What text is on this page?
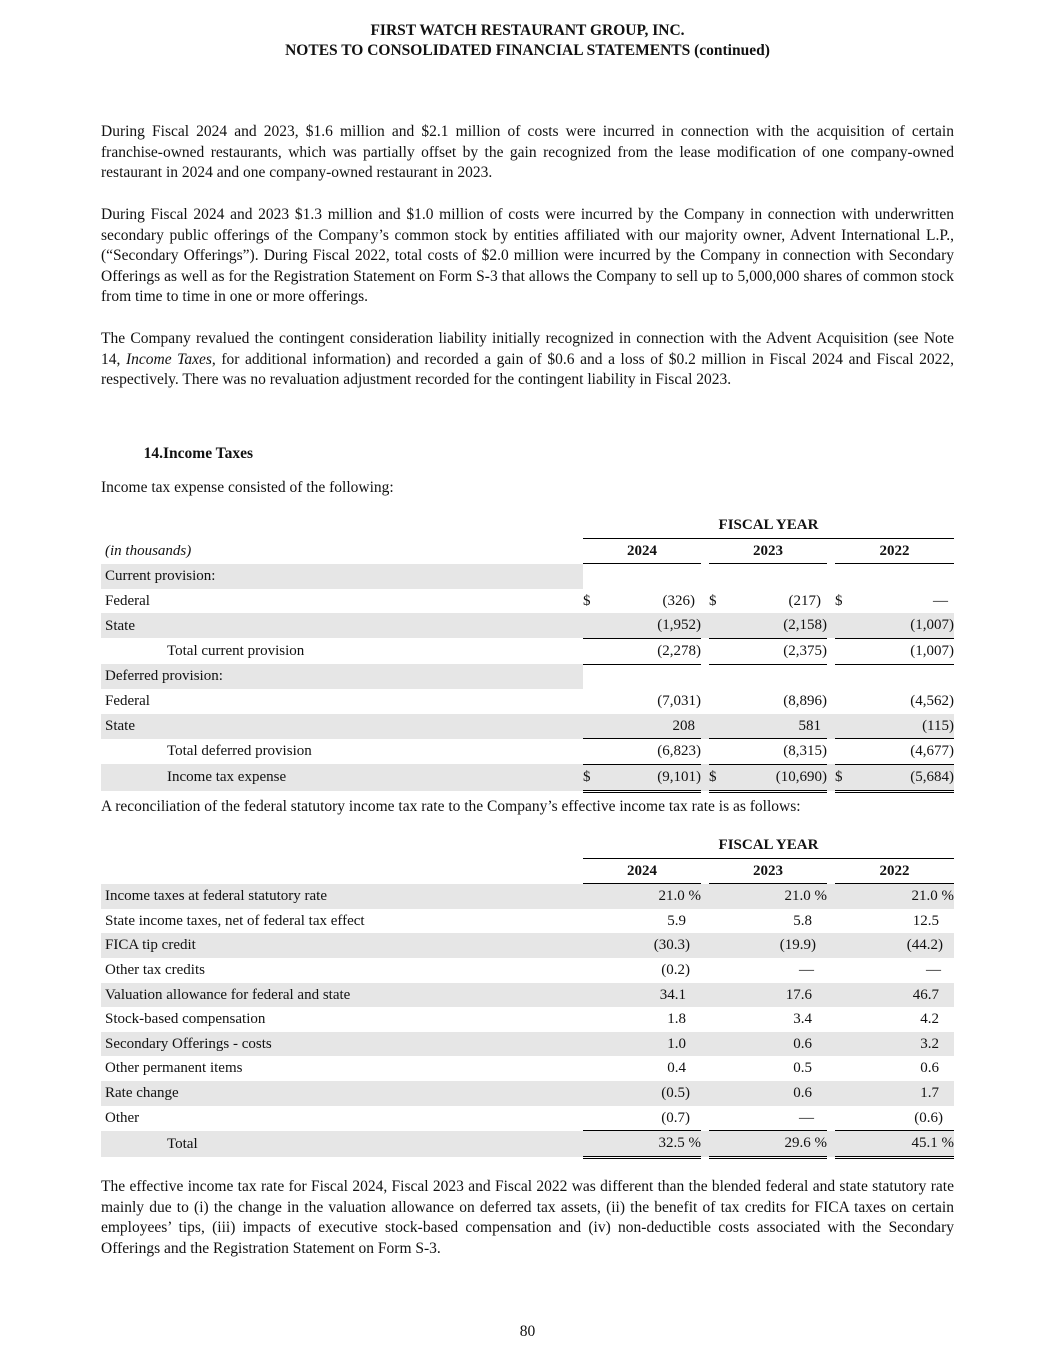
FIRST WATCH RESTAURANT GROUP, INC.
NOTES TO CONSOLIDATED FINANCIAL STATEMENTS (continued)
During Fiscal 2024 and 2023, $1.6 million and $2.1 million of costs were incurred in connection with the acquisition of certain franchise-owned restaurants, which was partially offset by the gain recognized from the lease modification of one company-owned restaurant in 2024 and one company-owned restaurant in 2023.
During Fiscal 2024 and 2023 $1.3 million and $1.0 million of costs were incurred by the Company in connection with underwritten secondary public offerings of the Company’s common stock by entities affiliated with our majority owner, Advent International L.P., (“Secondary Offerings”). During Fiscal 2022, total costs of $2.0 million were incurred by the Company in connection with Secondary Offerings as well as for the Registration Statement on Form S-3 that allows the Company to sell up to 5,000,000 shares of common stock from time to time in one or more offerings.
The Company revalued the contingent consideration liability initially recognized in connection with the Advent Acquisition (see Note 14, Income Taxes, for additional information) and recorded a gain of $0.6 and a loss of $0.2 million in Fiscal 2024 and Fiscal 2022, respectively. There was no revaluation adjustment recorded for the contingent liability in Fiscal 2023.
14.Income Taxes
Income tax expense consisted of the following:
	FISCAL YEAR							
(in thousands)	2024			2023			2022	
Current provision:								
Federal	$	(326)		$	(217)		$	—
State		(1,952)			(2,158)			(1,007)
Total current provision		(2,278)			(2,375)			(1,007)
Deferred provision:								
Federal		(7,031)			(8,896)			(4,562)
State		208			581			(115)
Total deferred provision		(6,823)			(8,315)			(4,677)
Income tax expense	$	(9,101)		$	(10,690)		$	(5,684)
A reconciliation of the federal statutory income tax rate to the Company’s effective income tax rate is as follows:
	FISCAL YEAR				
	2024		2023		2022
Income taxes at federal statutory rate	21.0 %		21.0 %		21.0 %
State income taxes, net of federal tax effect	5.9		5.8		12.5
FICA tip credit	(30.3)		(19.9)		(44.2)
Other tax credits	(0.2)		—		—
Valuation allowance for federal and state	34.1		17.6		46.7
Stock-based compensation	1.8		3.4		4.2
Secondary Offerings - costs	1.0		0.6		3.2
Other permanent items	0.4		0.5		0.6
Rate change	(0.5)		0.6		1.7
Other	(0.7)		—		(0.6)
Total	32.5 %		29.6 %		45.1 %
The effective income tax rate for Fiscal 2024, Fiscal 2023 and Fiscal 2022 was different than the blended federal and state statutory rate mainly due to (i) the change in the valuation allowance on deferred tax assets, (ii) the benefit of tax credits for FICA taxes on certain employees’ tips, (iii) impacts of executive stock-based compensation and (iv) non-deductible costs associated with the Secondary Offerings and the Registration Statement on Form S-3.
80
